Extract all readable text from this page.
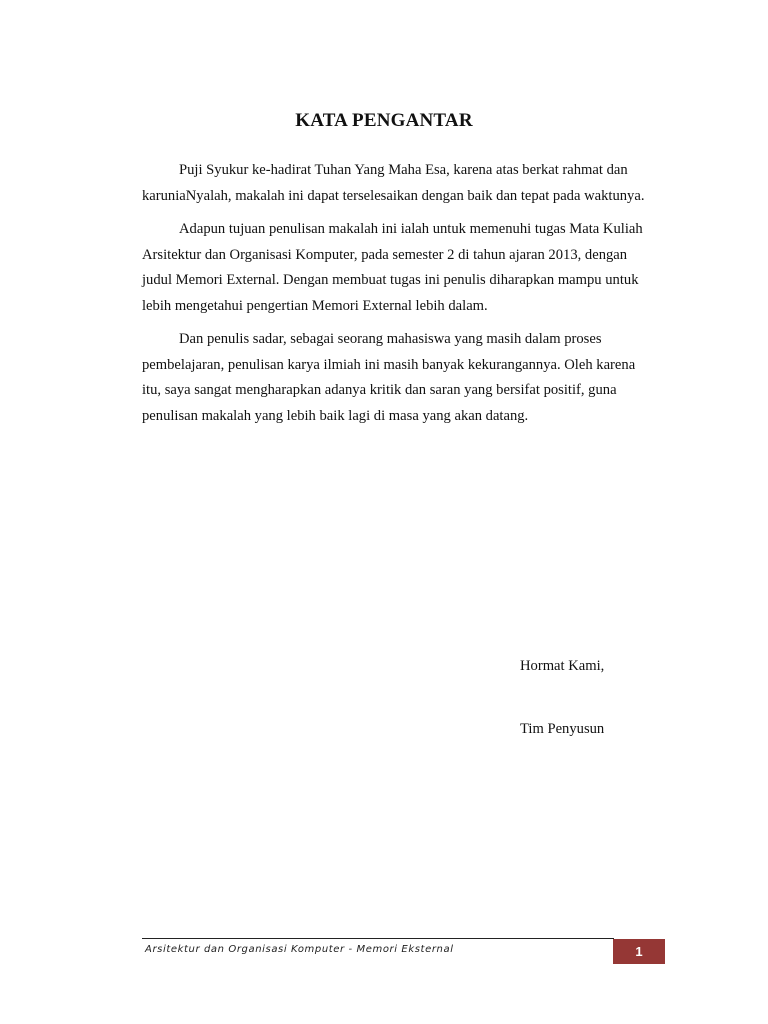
KATA PENGANTAR

Puji Syukur ke-hadirat Tuhan Yang Maha Esa, karena atas berkat rahmat dan karuniaNyalah, makalah ini dapat terselesaikan dengan baik dan tepat pada waktunya.

Adapun tujuan penulisan makalah ini ialah untuk memenuhi tugas Mata Kuliah Arsitektur dan Organisasi Komputer, pada semester 2 di tahun ajaran 2013, dengan judul Memori External. Dengan membuat tugas ini penulis diharapkan mampu untuk lebih mengetahui pengertian Memori External lebih dalam.

Dan penulis sadar, sebagai seorang mahasiswa yang masih dalam proses pembelajaran, penulisan karya ilmiah ini masih banyak kekurangannya. Oleh karena itu, saya sangat mengharapkan adanya kritik dan saran yang bersifat positif, guna penulisan makalah yang lebih baik lagi di masa yang akan datang.

Hormat Kami,

Tim Penyusun

Arsitektur dan Organisasi Komputer - Memori Eksternal	1
